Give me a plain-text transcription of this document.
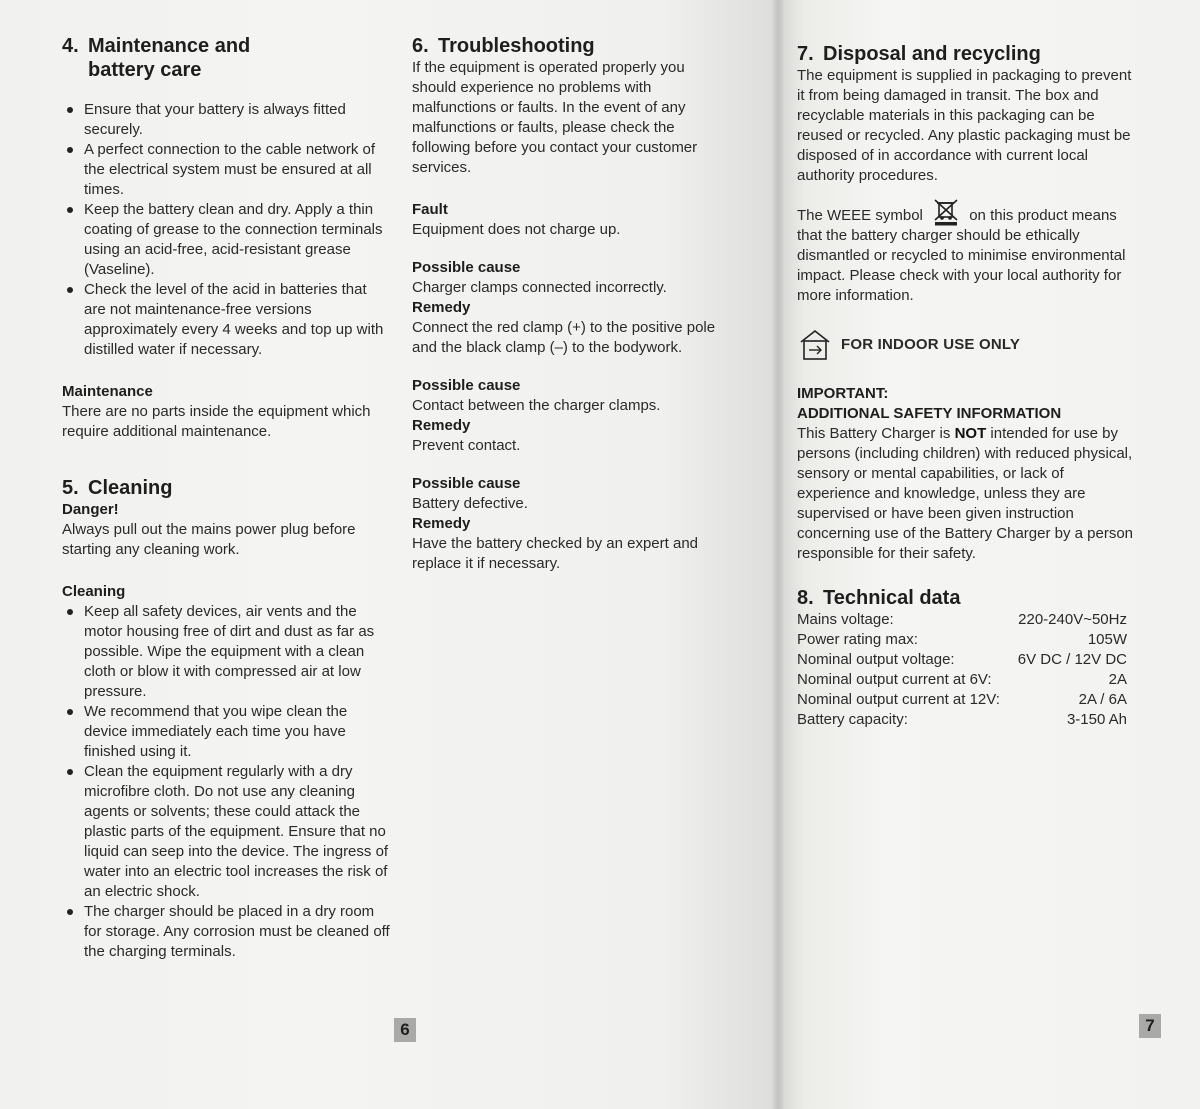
4. Maintenance and
battery care
Ensure that your battery is always fitted securely.
A perfect connection to the cable network of the electrical system must be ensured at all times.
Keep the battery clean and dry. Apply a thin coating of grease to the connection terminals using an acid-free, acid-resistant grease (Vaseline).
Check the level of the acid in batteries that are not maintenance-free versions approximately every 4 weeks and top up with distilled water if necessary.
Maintenance

There are no parts inside the equipment which require additional maintenance.

5. Cleaning
Danger!

Always pull out the mains power plug before starting any cleaning work.

Cleaning
Keep all safety devices, air vents and the motor housing free of dirt and dust as far as possible. Wipe the equipment with a clean cloth or blow it with compressed air at low pressure.
We recommend that you wipe clean the device immediately each time you have finished using it.
Clean the equipment regularly with a dry microfibre cloth. Do not use any cleaning agents or solvents; these could attack the plastic parts of the equipment. Ensure that no liquid can seep into the device. The ingress of water into an electric tool increases the risk of an electric shock.
The charger should be placed in a dry room for storage. Any corrosion must be cleaned off the charging terminals.
6. Troubleshooting

If the equipment is operated properly you should experience no problems with malfunctions or faults. In the event of any malfunctions or faults, please check the following before you contact your customer services.

Fault

Equipment does not charge up.

Possible cause

Charger clamps connected incorrectly.

Remedy

Connect the red clamp (+) to the positive pole and the black clamp (–) to the bodywork.

Possible cause

Contact between the charger clamps.

Remedy

Prevent contact.

Possible cause

Battery defective.

Remedy

Have the battery checked by an expert and replace it if necessary.

7. Disposal and recycling

The equipment is supplied in packaging to prevent it from being damaged in transit. The box and recyclable materials in this packaging can be reused or recycled. Any plastic packaging must be disposed of in accordance with current local authority procedures.

The WEEE symbol	on this product means that the battery charger should be ethically dismantled or recycled to minimise environmental impact. Please check with your local authority for more information.

FOR INDOOR USE ONLY
IMPORTANT:
ADDITIONAL SAFETY INFORMATION

This Battery Charger is NOT intended for use by persons (including children) with reduced physical, sensory or mental capabilities, or lack of experience and knowledge, unless they are supervised or have been given instruction concerning use of the Battery Charger by a person responsible for their safety.

8. Technical data
Mains voltage:	220-240V~50Hz
Power rating max:	105W
Nominal output voltage:	6V DC / 12V DC
Nominal output current at 6V:	2A
Nominal output current at 12V:	2A / 6A
Battery capacity:	3-150 Ah
6	7
